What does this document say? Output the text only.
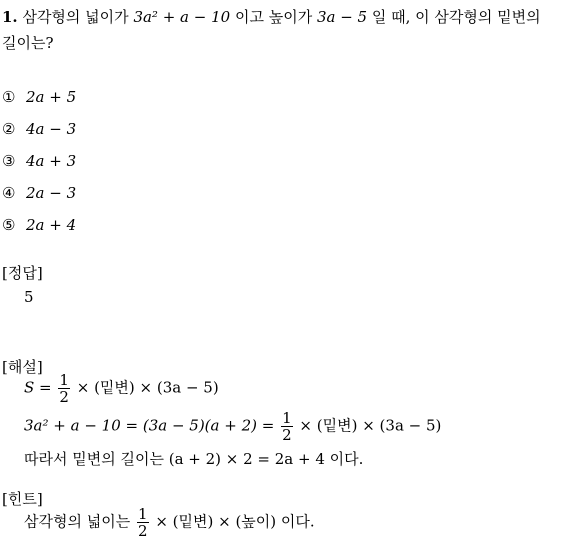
1. 삼각형의 넓이가 3a² + a − 10 이고 높이가 3a − 5 일 때, 이 삼각형의 밑변의
길이는?
① 2a + 5
② 4a − 3
③ 4a + 3
④ 2a − 3
⑤ 2a + 4
[정답]
5
[해설]
$S = \frac{1}{2}$ × (밑변) × (3a − 5)
$3a^2 + a - 10 = (3a - 5)(a + 2) = \frac{1}{2}$ × (밑변) × (3a − 5)
따라서 밑변의 길이는 (a + 2) × 2 = 2a + 4 이다.
[힌트]
삼각형의 넓이는 $\frac{1}{2}$ × (밑변) × (높이) 이다.
